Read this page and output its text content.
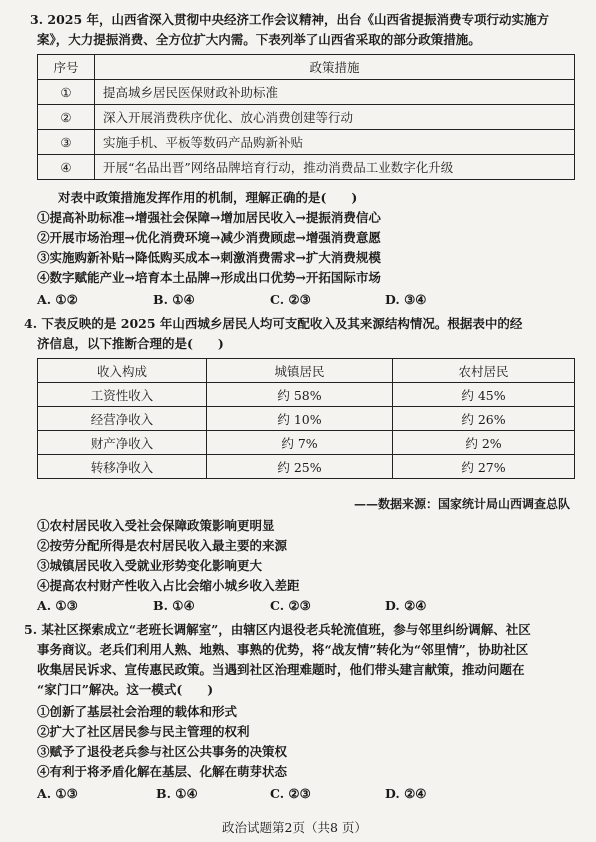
3. 2025 年，山西省深入贯彻中央经济工作会议精神，出台《山西省提振消费专项行动实施方
案》，大力提振消费、全方位扩大内需。下表列举了山西省采取的部分政策措施。
序号	政策措施
①	提高城乡居民医保财政补助标准
②	深入开展消费秩序优化、放心消费创建等行动
③	实施手机、平板等数码产品购新补贴
④	开展“名品出晋”网络品牌培育行动，推动消费品工业数字化升级
对表中政策措施发挥作用的机制，理解正确的是(　　)
①提高补助标准→增强社会保障→增加居民收入→提振消费信心
②开展市场治理→优化消费环境→减少消费顾虑→增强消费意愿
③实施购新补贴→降低购买成本→刺激消费需求→扩大消费规模
④数字赋能产业→培育本土品牌→形成出口优势→开拓国际市场
A. ①②	B. ①④	C. ②③	D. ③④
4. 下表反映的是 2025 年山西城乡居民人均可支配收入及其来源结构情况。根据表中的经
济信息，以下推断合理的是(　　)
收入构成	城镇居民	农村居民
工资性收入	约 58%	约 45%
经营净收入	约 10%	约 26%
财产净收入	约 7%	约 2%
转移净收入	约 25%	约 27%
——数据来源：国家统计局山西调查总队
①农村居民收入受社会保障政策影响更明显
②按劳分配所得是农村居民收入最主要的来源
③城镇居民收入受就业形势变化影响更大
④提高农村财产性收入占比会缩小城乡收入差距
A. ①③	B. ①④	C. ②③	D. ②④
5. 某社区探索成立“老班长调解室”，由辖区内退役老兵轮流值班，参与邻里纠纷调解、社区
事务商议。老兵们利用人熟、地熟、事熟的优势，将“战友情”转化为“邻里情”，协助社区
收集居民诉求、宣传惠民政策。当遇到社区治理难题时，他们带头建言献策，推动问题在
“家门口”解决。这一模式(　　)
①创新了基层社会治理的载体和形式
②扩大了社区居民参与民主管理的权利
③赋予了退役老兵参与社区公共事务的决策权
④有利于将矛盾化解在基层、化解在萌芽状态
A. ①③	B. ①④	C. ②③	D. ②④
政治试题第2页（共8 页）
